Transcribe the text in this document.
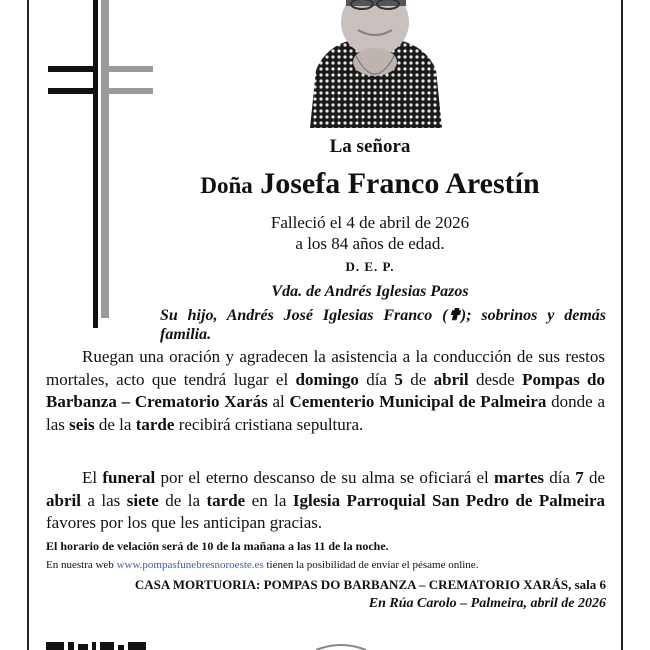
La señora
Doña Josefa Franco Arestín
Falleció el 4 de abril de 2026
a los 84 años de edad.
D. E. P.
Vda. de Andrés Iglesias Pazos
Su hijo, Andrés José Iglesias Franco (✟); sobrinos y demás familia.
Ruegan una oración y agradecen la asistencia a la conducción de sus restos mortales, acto que tendrá lugar el domingo día 5 de abril desde Pompas do Barbanza – Crematorio Xarás al Cementerio Municipal de Palmeira donde a las seis de la tarde recibirá cristiana sepultura.
El funeral por el eterno descanso de su alma se oficiará el martes día 7 de abril a las siete de la tarde en la Iglesia Parroquial San Pedro de Palmeira favores por los que les anticipan gracias.
El horario de velación será de 10 de la mañana a las 11 de la noche.
En nuestra web www.pompasfunebresnoroeste.es tienen la posibilidad de enviar el pésame online.
CASA MORTUORIA: POMPAS DO BARBANZA – CREMATORIO XARÁS, sala 6
En Rúa Carolo – Palmeira, abril de 2026
